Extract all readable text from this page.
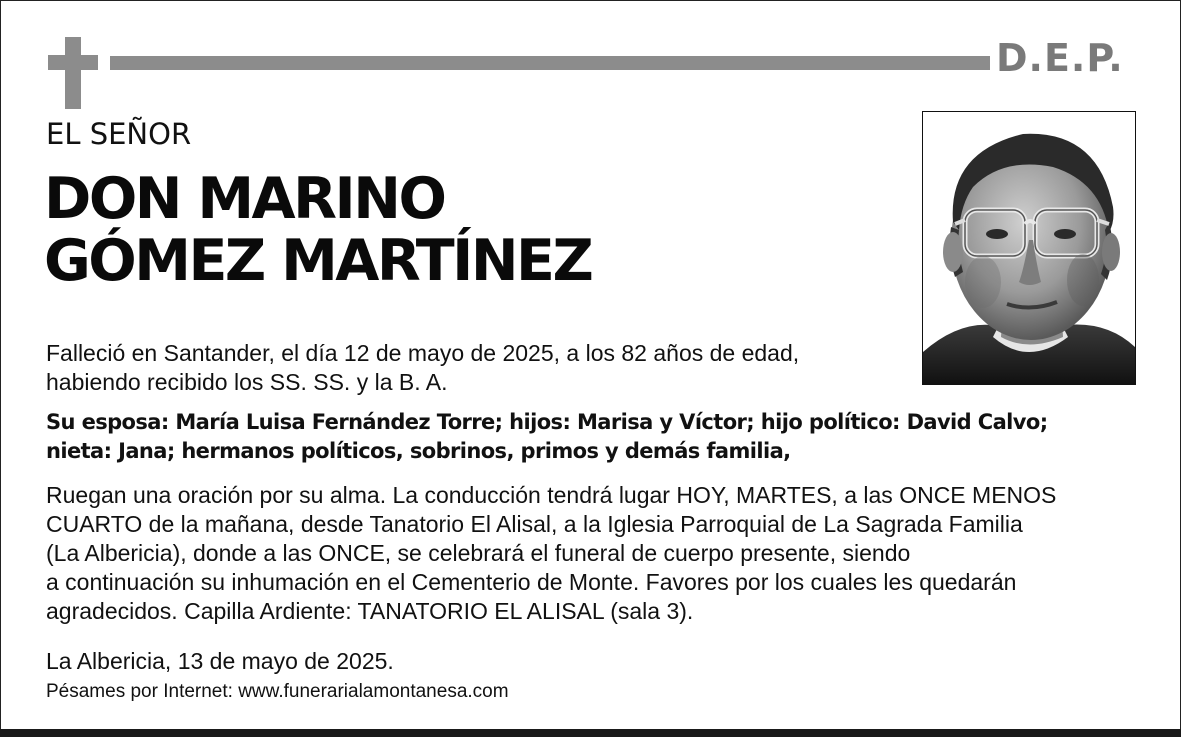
D.E.P.
EL SEÑOR
DON MARINO
GÓMEZ MARTÍNEZ
Falleció en Santander, el día 12 de mayo de 2025, a los 82 años de edad,
habiendo recibido los SS. SS. y la B. A.
Su esposa: María Luisa Fernández Torre; hijos: Marisa y Víctor; hijo político: David Calvo;
nieta: Jana; hermanos políticos, sobrinos, primos y demás familia,
Ruegan una oración por su alma. La conducción tendrá lugar HOY, MARTES, a las ONCE MENOS
CUARTO de la mañana, desde Tanatorio El Alisal, a la Iglesia Parroquial de La Sagrada Familia
(La Albericia), donde a las ONCE, se celebrará el funeral de cuerpo presente, siendo
a continuación su inhumación en el Cementerio de Monte. Favores por los cuales les quedarán
agradecidos. Capilla Ardiente: TANATORIO EL ALISAL (sala 3).
La Albericia, 13 de mayo de 2025.
Pésames por Internet: www.funerarialamontanesa.com
